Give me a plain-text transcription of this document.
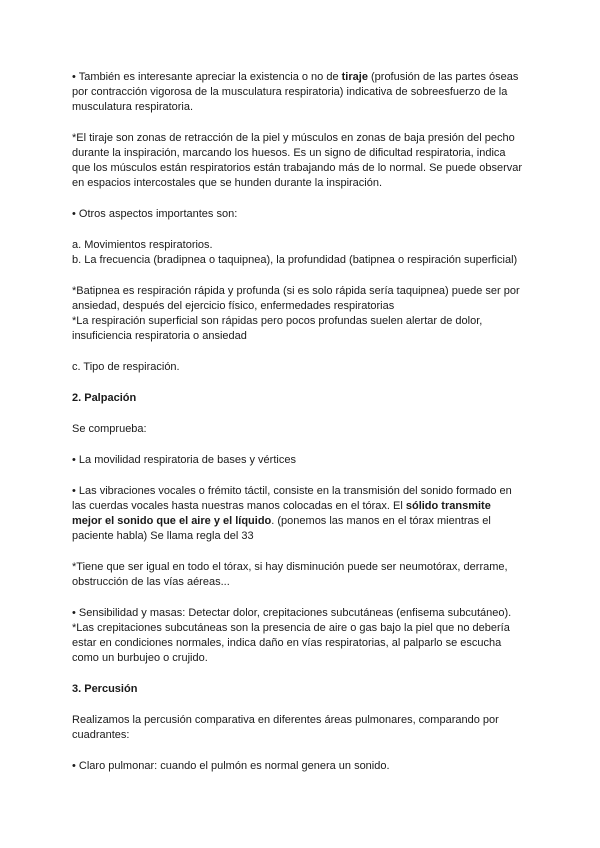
• También es interesante apreciar la existencia o no de tiraje (profusión de las partes óseas
por contracción vigorosa de la musculatura respiratoria) indicativa de sobreesfuerzo de la
musculatura respiratoria.

*El tiraje son zonas de retracción de la piel y músculos en zonas de baja presión del pecho
durante la inspiración, marcando los huesos. Es un signo de dificultad respiratoria, indica
que los músculos están respiratorios están trabajando más de lo normal. Se puede observar
en espacios intercostales que se hunden durante la inspiración.

• Otros aspectos importantes son:

a. Movimientos respiratorios.
b. La frecuencia (bradipnea o taquipnea), la profundidad (batipnea o respiración superficial)

*Batipnea es respiración rápida y profunda (si es solo rápida sería taquipnea) puede ser por
ansiedad, después del ejercicio físico, enfermedades respiratorias
*La respiración superficial son rápidas pero pocos profundas suelen alertar de dolor,
insuficiencia respiratoria o ansiedad

c. Tipo de respiración.

2. Palpación

Se comprueba:

• La movilidad respiratoria de bases y vértices

• Las vibraciones vocales o frémito táctil, consiste en la transmisión del sonido formado en
las cuerdas vocales hasta nuestras manos colocadas en el tórax. El sólido transmite
mejor el sonido que el aire y el líquido. (ponemos las manos en el tórax mientras el
paciente habla) Se llama regla del 33

*Tiene que ser igual en todo el tórax, si hay disminución puede ser neumotórax, derrame,
obstrucción de las vías aéreas...

• Sensibilidad y masas: Detectar dolor, crepitaciones subcutáneas (enfisema subcutáneo).
*Las crepitaciones subcutáneas son la presencia de aire o gas bajo la piel que no debería
estar en condiciones normales, indica daño en vías respiratorias, al palparlo se escucha
como un burbujeo o crujido.

3. Percusión

Realizamos la percusión comparativa en diferentes áreas pulmonares, comparando por
cuadrantes:

• Claro pulmonar: cuando el pulmón es normal genera un sonido.
